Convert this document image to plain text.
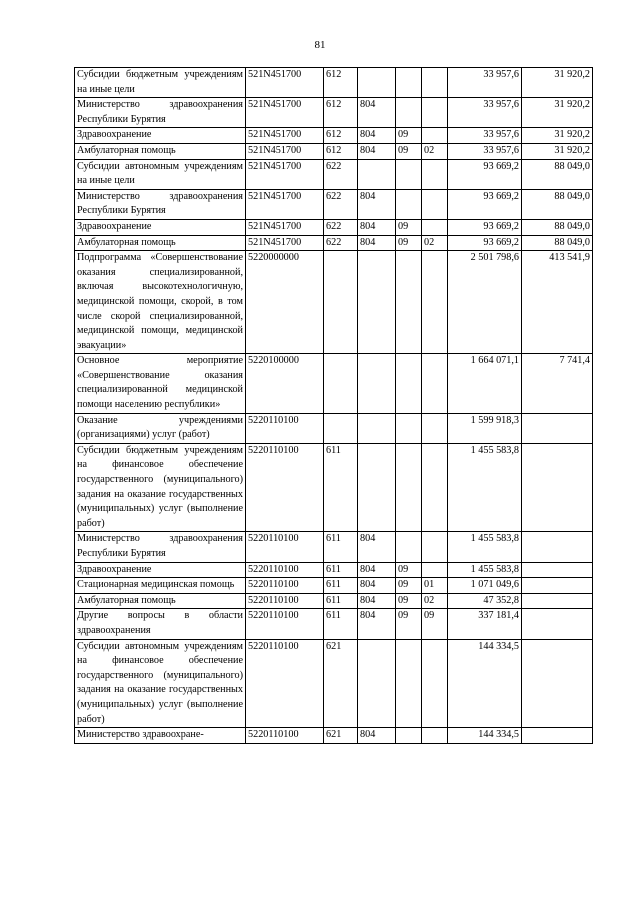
81
Субсидии бюджетным учреждениям на иные цели	521N451700	612				33 957,6	31 920,2
Министерство здравоохранения Республики Бурятия	521N451700	612	804			33 957,6	31 920,2
Здравоохранение	521N451700	612	804	09		33 957,6	31 920,2
Амбулаторная помощь	521N451700	612	804	09	02	33 957,6	31 920,2
Субсидии автономным учреждениям на иные цели	521N451700	622				93 669,2	88 049,0
Министерство здравоохранения Республики Бурятия	521N451700	622	804			93 669,2	88 049,0
Здравоохранение	521N451700	622	804	09		93 669,2	88 049,0
Амбулаторная помощь	521N451700	622	804	09	02	93 669,2	88 049,0
Подпрограмма «Совершенствование оказания специализированной, включая высокотехнологичную, медицинской помощи, скорой, в том числе скорой специализированной, медицинской помощи, медицинской эвакуации»	5220000000					2 501 798,6	413 541,9
Основное мероприятие «Совершенствование оказания специализированной медицинской помощи населению республики»	5220100000					1 664 071,1	7 741,4
Оказание учреждениями (организациями) услуг (работ)	5220110100					1 599 918,3	
Субсидии бюджетным учреждениям на финансовое обеспечение государственного (муниципального) задания на оказание государственных (муниципальных) услуг (выполнение работ)	5220110100	611				1 455 583,8	
Министерство здравоохранения Республики Бурятия	5220110100	611	804			1 455 583,8	
Здравоохранение	5220110100	611	804	09		1 455 583,8	
Стационарная медицинская помощь	5220110100	611	804	09	01	1 071 049,6	
Амбулаторная помощь	5220110100	611	804	09	02	47 352,8	
Другие вопросы в области здравоохранения	5220110100	611	804	09	09	337 181,4	
Субсидии автономным учреждениям на финансовое обеспечение государственного (муниципального) задания на оказание государственных (муниципальных) услуг (выполнение работ)	5220110100	621				144 334,5	
Министерство здравоохране-	5220110100	621	804			144 334,5	
